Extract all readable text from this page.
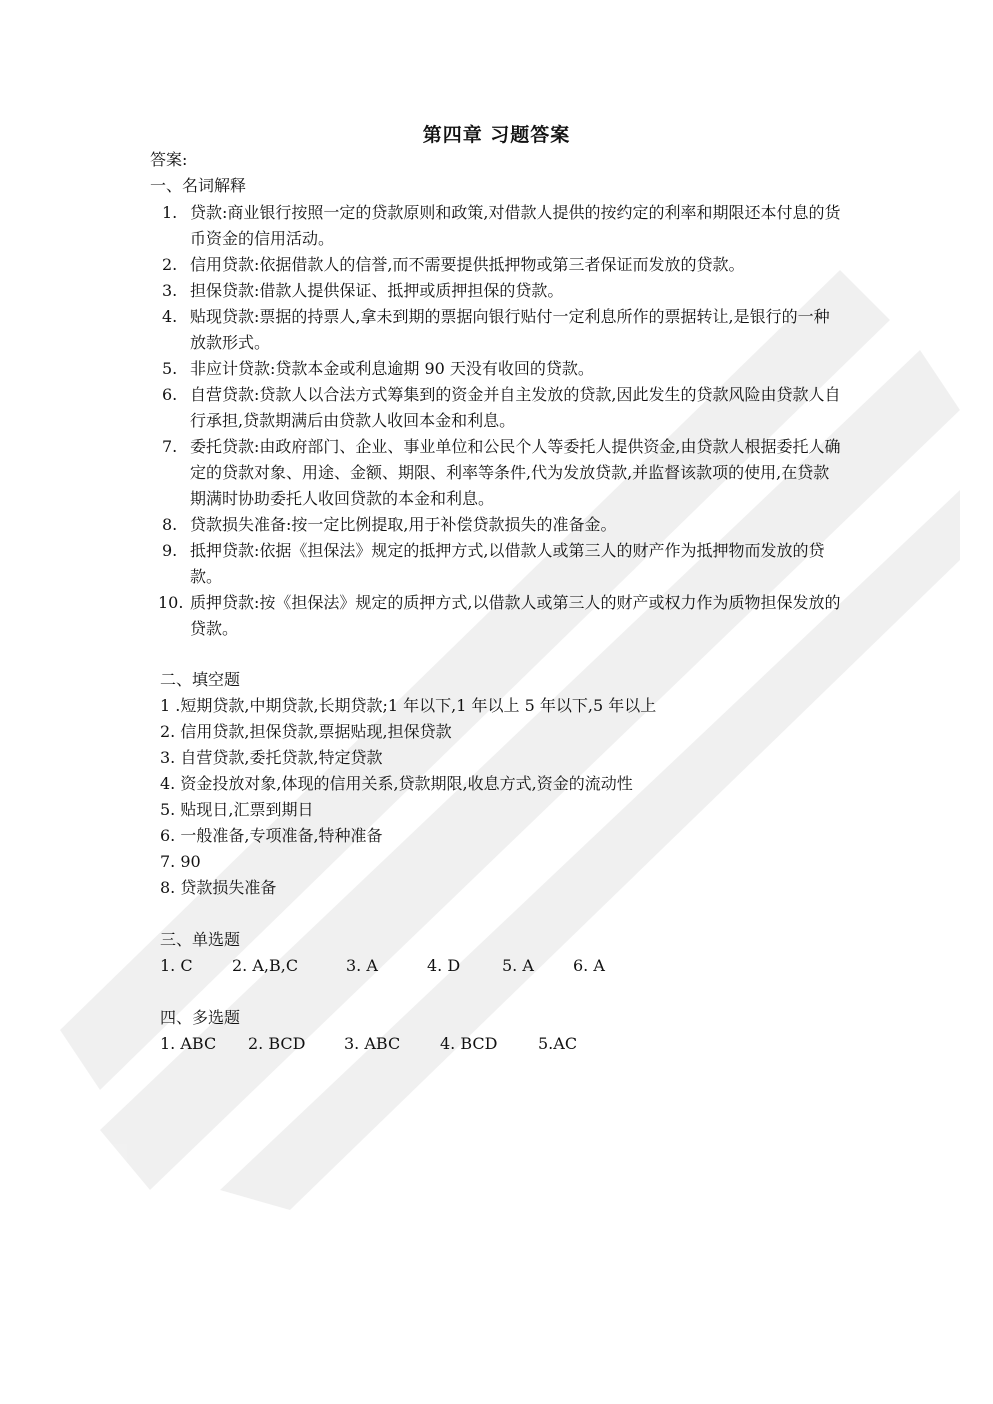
第四章 习题答案
答案:
一、名词解释
1. 贷款:商业银行按照一定的贷款原则和政策,对借款人提供的按约定的利率和期限还本付息的货币资金的信用活动。
2. 信用贷款:依据借款人的信誉,而不需要提供抵押物或第三者保证而发放的贷款。
3. 担保贷款:借款人提供保证、抵押或质押担保的贷款。
4. 贴现贷款:票据的持票人,拿未到期的票据向银行贴付一定利息所作的票据转让,是银行的一种放款形式。
5. 非应计贷款:贷款本金或利息逾期 90 天没有收回的贷款。
6. 自营贷款:贷款人以合法方式筹集到的资金并自主发放的贷款,因此发生的贷款风险由贷款人自行承担,贷款期满后由贷款人收回本金和利息。
7. 委托贷款:由政府部门、企业、事业单位和公民个人等委托人提供资金,由贷款人根据委托人确定的贷款对象、用途、金额、期限、利率等条件,代为发放贷款,并监督该款项的使用,在贷款期满时协助委托人收回贷款的本金和利息。
8. 贷款损失准备:按一定比例提取,用于补偿贷款损失的准备金。
9. 抵押贷款:依据《担保法》规定的抵押方式,以借款人或第三人的财产作为抵押物而发放的贷款。
10. 质押贷款:按《担保法》规定的质押方式,以借款人或第三人的财产或权力作为质物担保发放的贷款。
二、填空题
1 .短期贷款,中期贷款,长期贷款;1 年以下,1 年以上 5 年以下,5 年以上
2. 信用贷款,担保贷款,票据贴现,担保贷款
3. 自营贷款,委托贷款,特定贷款
4. 资金投放对象,体现的信用关系,贷款期限,收息方式,资金的流动性
5. 贴现日,汇票到期日
6. 一般准备,专项准备,特种准备
7. 90
8. 贷款损失准备
三、单选题
1. C 2. A,B,C	3. A	4. D	5. A 6. A
四、多选题
1. ABC 2. BCD 3. ABC 4. BCD	5.AC
